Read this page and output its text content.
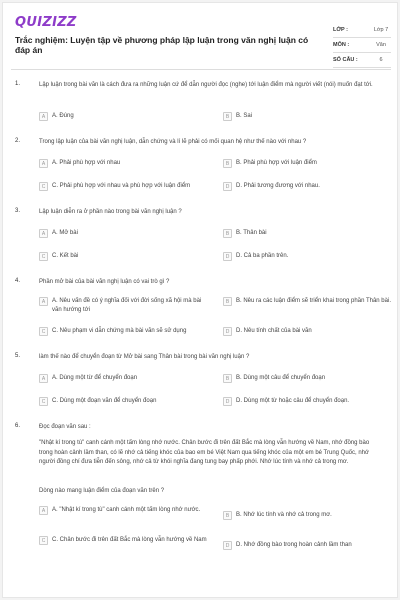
QUIZIZZ
Trắc nghiệm: Luyện tập về phương pháp lập luận trong văn nghị luận có đáp án
LỚP :	Lớp 7
MÔN :	Văn
SỐ CÂU :	6
1.	Lập luận trong bài văn là cách đưa ra những luận cứ để dẫn người đọc (nghe) tới luận điểm mà người viết (nói) muốn đạt tới.
A	A. Đúng	B	B. Sai
2.	Trong lập luận của bài văn nghị luận, dẫn chứng và lí lẽ phải có mối quan hệ như thế nào với nhau ?
A	A. Phải phù hợp với nhau	B	B. Phải phù hợp với luận điểm
C	C. Phải phù hợp với nhau và phù hợp với luận điểm	D	D. Phải tương đương với nhau.
3.	Lập luận diễn ra ở phần nào trong bài văn nghị luận ?
A	A. Mở bài	B	B. Thân bài
C	C. Kết bài	D	D. Cả ba phần trên.
4.	Phần mở bài của bài văn nghị luận có vai trò gì ?
A	A. Nêu vấn đề có ý nghĩa đối với đời sống xã hội mà bài văn hướng tới
B	B. Nêu ra các luận điểm sẽ triển khai trong phần Thân bài.
C	C. Nêu phạm vi dẫn chứng mà bài văn sẽ sử dụng	D	D. Nêu tính chất của bài văn
5.	làm thế nào để chuyển đoạn từ Mở bài sang Thân bài trong bài văn nghị luận ?
A	A. Dùng một từ để chuyển đoạn	B	B. Dùng một câu để chuyển đoạn
C	C. Dùng một đoạn văn để chuyển đoạn	D	D. Dùng một từ hoặc câu để chuyển đoạn.
6.	Đọc đoạn văn sau :
"Nhật kí trong tù" canh cánh một tấm lòng nhớ nước. Chân bước đi trên đất Bắc mà lòng vẫn hướng về Nam, nhớ đồng bào trong hoàn cảnh lầm than, có lẽ nhớ cả tiếng khóc của bao em bé Việt Nam qua tiếng khóc của một em bé Trung Quốc, nhớ người đồng chí đưa tiễn đến sông, nhớ cả từ khói nghĩa đang tung bay phấp phới. Nhớ lúc tính và nhớ cả trong mơ.
Dòng nào mang luận điểm của đoạn văn trên ?
A	A. "Nhật kí trong tù" canh cánh một tấm lòng nhớ nước.
B	B. Nhớ lúc tính và nhớ cả trong mơ.
C	C. Chân bước đi trên đất Bắc mà lòng vẫn hướng về Nam
D	D. Nhớ đồng bào trong hoàn cảnh lầm than
